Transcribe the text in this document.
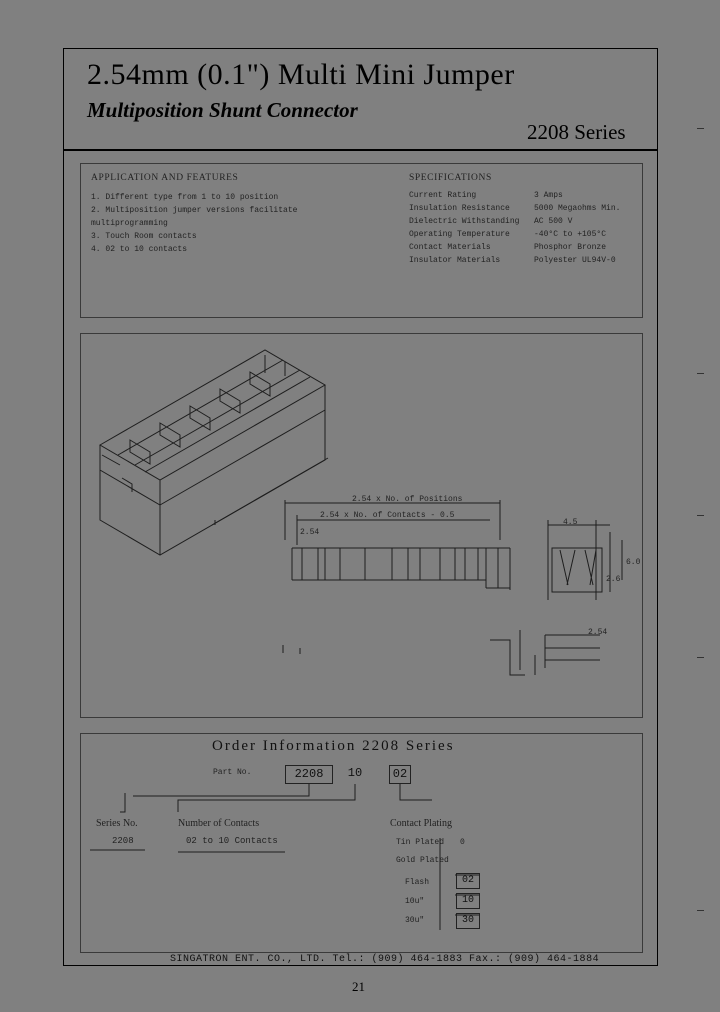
2.54mm (0.1") Multi Mini Jumper
Multiposition Shunt Connector
2208 Series
APPLICATION AND FEATURES
1. Different type from 1 to 10 position
2. Multiposition jumper versions facilitate
multiprogramming
3. Touch Room contacts
4. 02 to 10 contacts
SPECIFICATIONS
Current Rating	3 Amps
Insulation Resistance	5000 Megaohms Min.
Dielectric Withstanding AC 500 V
Operating Temperature	-40°C to +105°C
Contact Materials	Phosphor Bronze
Insulator Materials	Polyester UL94V-0
2.54 x No. of Positions
2.54 x No. of Contacts - 0.5
2.54
4.5
2.6
6.0
2.54
Order Information 2208 Series
Part No.	2208	10	02
Series No.
2208
Number of Contacts
02 to 10 Contacts
Contact Plating
Tin Plated 0
Gold Plated
Flash	02
10u"	10
30u"	30
SINGATRON ENT. CO., LTD. Tel.: (909) 464-1883 Fax.: (909) 464-1884
21
